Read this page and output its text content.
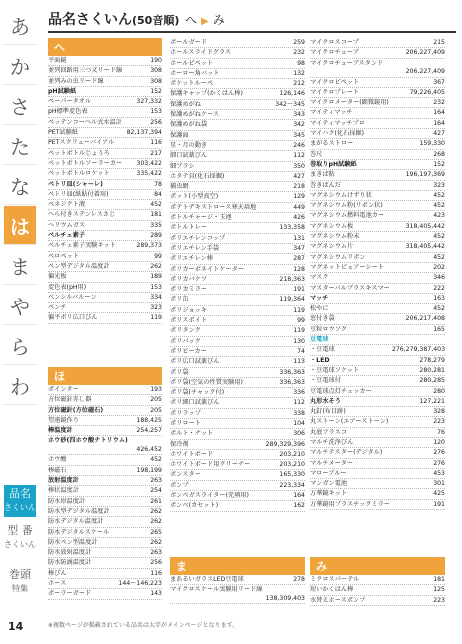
あ
か
さ
た
な
は
ま
や
ら
わ
品名
さくいん
型 番
さくいん
巻頭
特集
品名さくいん(50音順) へ ▶ み
へ
平面鏡	190
並列回路用三つ又リード線	308
並列みの虫リード線	308
pH試験紙	152
ペーパータオル	327,332
pH標準変色表	153
ペッテンコーヘル式水温計	256
PET試験紙	82,137,394
PETスクリューバイアル	116
ペットボトルじょうろ	217
ペットボトルソーラーカー 303,422
ペットボトルロケット	335,422
ペトリ皿(シャーレ)	78
ペトリ皿(紙貼付着用)	84
ペネジクト液	452
ヘら付きステンレスさじ	181
ヘリウムガス	335
ペルチェ素子	289
ペルチェ素子実験キット	289,373
ペロペット	99
ペン型デジタル温度計	262
偏光板	189
変色表(pH用)	153
ベンシルバルーン	334
ペンチ	323
偏平ボリ広口びん	119
ほ
ポインター	193
方位磁針赤し器	205
方位磁針(方位磁石)	205
望遠鏡作り	188,425
棒温度計	254,257
ホウ砂(四ホウ酸ナトリウム)
426,452
ホウ酸	452
棒磁石	198,199
放射温度計	263
棒状温度計	254
防水形温度計	261
防水型デジタル温度計	262
防水デジタル温度計	262
防水デジタルスケール	265
防水ペン型温度計	262
防水放射温度計	263
防水防滴温度計	256
棒びん	116
ホース	144～146,223
ボーラーガード	143
ボールガード	259
ホールスライドグラス	232
ホールピペット	98
ホーロー角バット	132
ボケットルーペ	212
保護キャップ(かくはん棒)	126,146
保護めがね	342～345
保護めがねケース	343
保護めがね袋	342
保護面	345
星・月の動き	246
細口試薬びん	112
細ブラシ	350
ホタテ貝(化石採掘)	427
捕虫網	218
ポット(小型真空)	129
ポテトデキストロース寒天培地	449
ボトルチャージ・玉連	426
ボトルトレー	133,358
ポリエチレンコップ	131
ポリエチレン手袋	347
ポリエチレン棒	287
ポリカーボネイトケーター	128
ポリカバケツ	218,363
ポリカミラー	191
ポリ缶	119,364
ポリジョッキ	119
ポリスポイト	99
ポリタンク	119
ポリバック	130
ポリビーカー	74
ポリ広口試薬びん	113
ポリ袋	336,363
ポリ袋(空気の性質実験用)	336,363
ポリ袋(チャック付)	336
ポリ細口試薬びん	112
ポリラップ	338
ポリロート	104
ボルト・ナット	306
保冷剤	289,329,396
ホワイトボード	203,210
ホワイトボード用クリーナー	203,210
ボンスター	165,330
ボンプ	223,334
ボンベガスライター(充填用)	164
ボンベ(カセット)	162
ま
まあるいガラスLED豆電球	278
マイクロスケール実験用リード線
138,309,403
マイクロスコープ	215
マイクロチューブ	206,227,409
マイクロチューブスタンド
206,227,409
マイクロピペット	367
マイクロプレート	79,226,405
マイクロメーター(顕微鏡用)	232
マイティマッチ	164
マイティマッチプロ	164
マイハク(化石採掘)	427
まがるストロー	159,330
巻尺	268
巻取りpH試験紙	152
まきば粘	196,197,369
巻きばんだ	323
マグネシウムけずり状	452
マグネシウム粉(リボン状)	452
マグネシウム燃料電池カー	423
マグネシウム板	318,405,442
マグネシウム粉末	452
マグネシウム片	318,405,442
マグネシウムリボン	452
マグネットピュアーシート	202
マスク	346
マスターバルブラスキスマー	222
マッチ	163
松やに	452
窓付き袋	206,217,408
豆粒ロウソク	165
豆電球
・豆電球	276,279,387,403
・LED	278,279
・豆電球ソケット	280,281
・豆電球付	280,285
豆電球点灯チェッカー	280
丸形水そう	127,221
丸釘(布目跡)	328
丸ストーン(エアーストーン)	223
丸底フラスコ	76
マルチ洗浄びん	120
マルチテスター(デジタル)	276
マルチメーター	276
マローブルー	453
マンガン電池	301
万華鏡キット	425
万華鏡用プラスチックミラー	191
み
ミクロスパーテル	181
短いかくはん棒	125
水替えホースポンプ	223
14	※複数ページが掲載されている品名は太字がメインページとなります。
